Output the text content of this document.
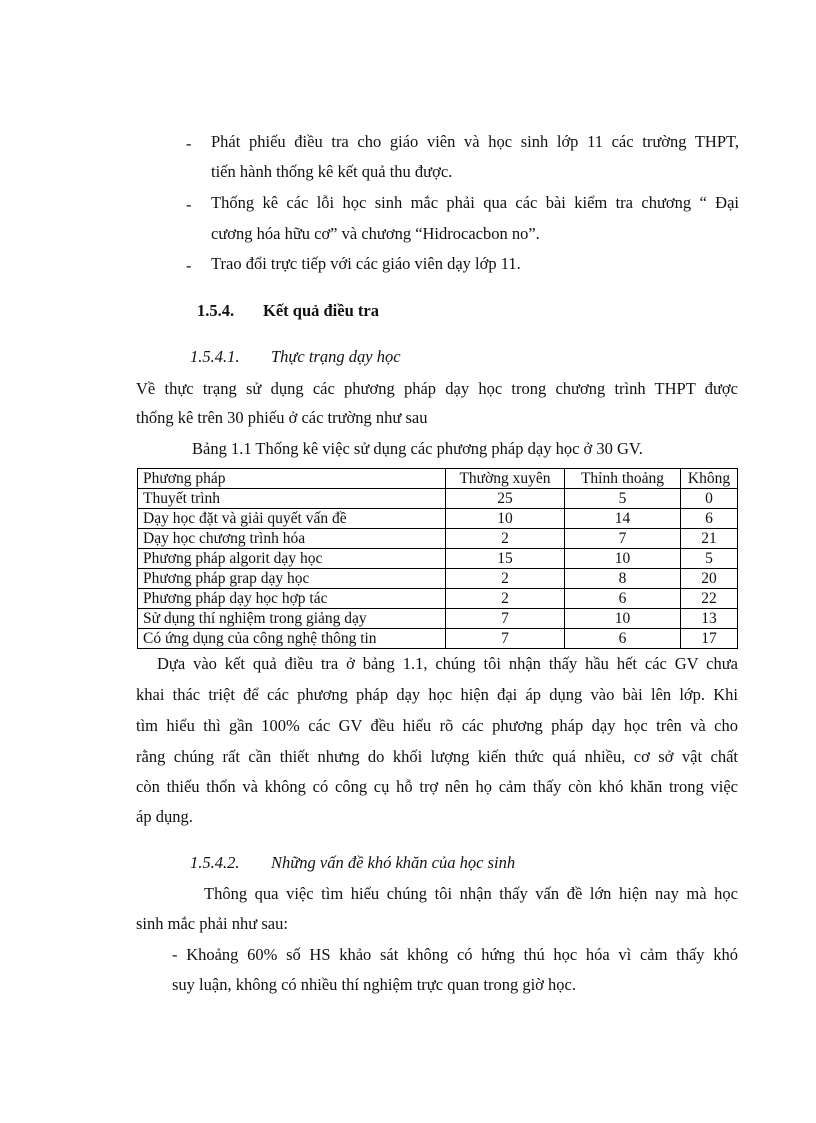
- Phát phiếu điều tra cho giáo viên và học sinh lớp 11 các trường THPT,
tiến hành thống kê kết quả thu được.
- Thống kê các lỗi học sinh mắc phải qua các bài kiểm tra chương “ Đại
cương hóa hữu cơ” và chương “Hidrocacbon no”.
- Trao đổi trực tiếp với các giáo viên dạy lớp 11.
1.5.4. Kết quả điều tra
1.5.4.1. Thực trạng dạy học
Về thực trạng sử dụng các phương pháp dạy học trong chương trình THPT được
thống kê trên 30 phiếu ở các trường như sau
Bảng 1.1 Thống kê việc sử dụng các phương pháp dạy học ở 30 GV.
Phương pháp	Thường xuyên	Thỉnh thoảng	Không
Thuyết trình	25	5	0
Dạy học đặt và giải quyết vấn đề	10	14	6
Dạy học chương trình hóa	2	7	21
Phương pháp algorit dạy học	15	10	5
Phương pháp grap dạy học	2	8	20
Phương pháp dạy học hợp tác	2	6	22
Sử dụng thí nghiệm trong giảng dạy	7	10	13
Có ứng dụng của công nghệ thông tin	7	6	17
Dựa vào kết quả điều tra ở bảng 1.1, chúng tôi nhận thấy hầu hết các GV chưa
khai thác triệt để các phương pháp dạy học hiện đại áp dụng vào bài lên lớp. Khi
tìm hiểu thì gần 100% các GV đều hiểu rõ các phương pháp dạy học trên và cho
rằng chúng rất cần thiết nhưng do khối lượng kiến thức quá nhiều, cơ sở vật chất
còn thiếu thốn và không có công cụ hỗ trợ nên họ cảm thấy còn khó khăn trong việc
áp dụng.
1.5.4.2. Những vấn đề khó khăn của học sinh
Thông qua việc tìm hiểu chúng tôi nhận thấy vấn đề lớn hiện nay mà học
sinh mắc phải như sau:
- Khoảng 60% số HS khảo sát không có hứng thú học hóa vì cảm thấy khó
suy luận, không có nhiều thí nghiệm trực quan trong giờ học.
